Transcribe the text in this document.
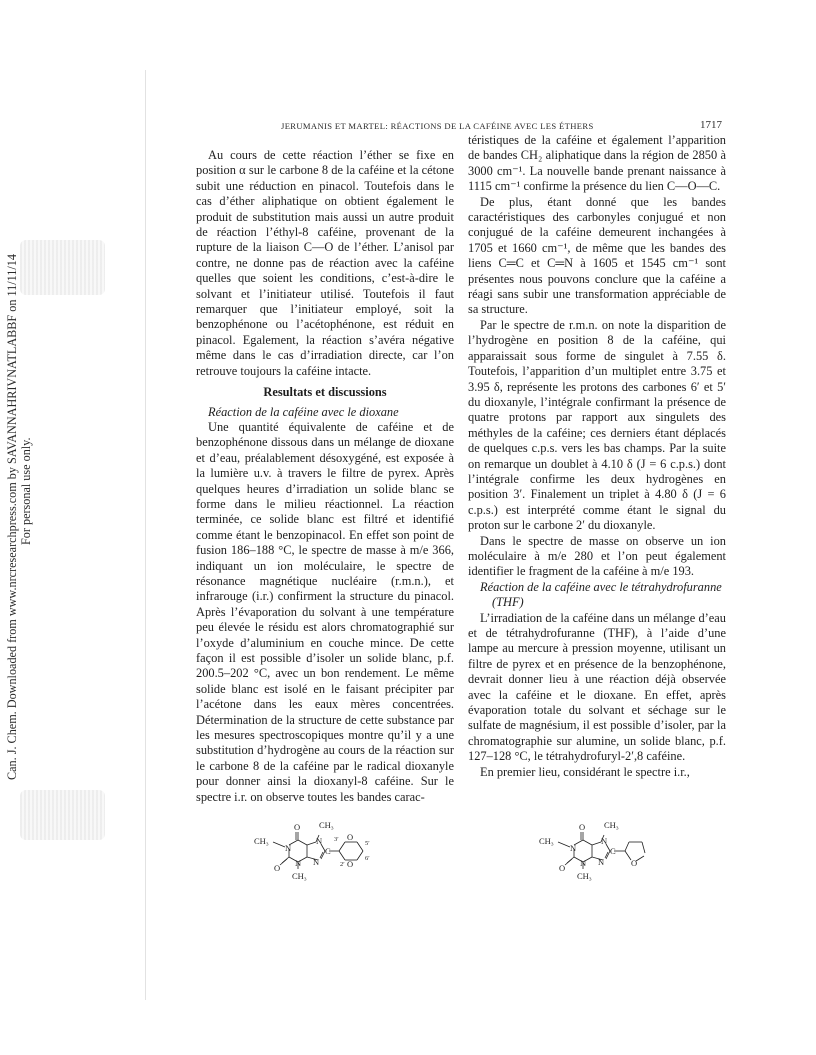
Can. J. Chem. Downloaded from www.nrcresearchpress.com by SAVANNAHRIVNATLABBF on 11/11/14 For personal use only.
JERUMANIS ET MARTEL: RÉACTIONS DE LA CAFÉINE AVEC LES ÉTHERS	1717

Au cours de cette réaction l’éther se fixe en position α sur le carbone 8 de la caféine et la cétone subit une réduction en pinacol. Toutefois dans le cas d’éther aliphatique on obtient également le produit de substitution mais aussi un autre produit de réaction l’éthyl-8 caféine, provenant de la rupture de la liaison C—O de l’éther. L’anisol par contre, ne donne pas de réaction avec la caféine quelles que soient les conditions, c’est-à-dire le solvant et l’initiateur utilisé. Toutefois il faut remarquer que l’initiateur employé, soit la benzophénone ou l’acétophénone, est réduit en pinacol. Egalement, la réaction s’avéra négative même dans le cas d’irradiation directe, car l’on retrouve toujours la caféine intacte.

Resultats et discussions

Réaction de la caféine avec le dioxane

Une quantité équivalente de caféine et de benzophénone dissous dans un mélange de dioxane et d’eau, préalablement désoxygéné, est exposée à la lumière u.v. à travers le filtre de pyrex. Après quelques heures d’irradiation un solide blanc se forme dans le milieu réactionnel. La réaction terminée, ce solide blanc est filtré et identifié comme étant le benzopinacol. En effet son point de fusion 186–188 °C, le spectre de masse à m/e 366, indiquant un ion moléculaire, le spectre de résonance magnétique nucléaire (r.m.n.), et infrarouge (i.r.) confirment la structure du pinacol. Après l’évaporation du solvant à une température peu élevée le résidu est alors chromatographié sur l’oxyde d’aluminium en couche mince. De cette façon il est possible d’isoler un solide blanc, p.f. 200.5–202 °C, avec un bon rendement. Le même solide blanc est isolé en le faisant précipiter par l’acétone dans les eaux mères concentrées. Détermination de la structure de cette substance par les mesures spectroscopiques montre qu’il y a une substitution d’hydrogène au cours de la réaction sur le carbone 8 de la caféine par le radical dioxanyle pour donner ainsi la dioxanyl-8 caféine. Sur le spectre i.r. on observe toutes les bandes carac-

téristiques de la caféine et également l’apparition de bandes CH₂ aliphatique dans la région de 2850 à 3000 cm⁻¹. La nouvelle bande prenant naissance à 1115 cm⁻¹ confirme la présence du lien C—O—C.

De plus, étant donné que les bandes caractéristiques des carbonyles conjugué et non conjugué de la caféine demeurent inchangées à 1705 et 1660 cm⁻¹, de même que les bandes des liens C═C et C═N à 1605 et 1545 cm⁻¹ sont présentes nous pouvons conclure que la caféine a réagi sans subir une transformation appréciable de sa structure.

Par le spectre de r.m.n. on note la disparition de l’hydrogène en position 8 de la caféine, qui apparaissait sous forme de singulet à 7.55 δ. Toutefois, l’apparition d’un multiplet entre 3.75 et 3.95 δ, représente les protons des carbones 6′ et 5′ du dioxanyle, l’intégrale confirmant la présence de quatre protons par rapport aux singulets des méthyles de la caféine; ces derniers étant déplacés de quelques c.p.s. vers les bas champs. Par la suite on remarque un doublet à 4.10 δ (J = 6 c.p.s.) dont l’intégrale confirme les deux hydrogènes en position 3′. Finalement un triplet à 4.80 δ (J = 6 c.p.s.) est interprété comme étant le signal du proton sur le carbone 2′ du dioxanyle.

Dans le spectre de masse on observe un ion moléculaire à m/e 280 et l’on peut également identifier le fragment de la caféine à m/e 193.

Réaction de la caféine avec le tétrahydrofuranne
(THF)

L’irradiation de la caféine dans un mélange d’eau et de tétrahydrofuranne (THF), à l’aide d’une lampe au mercure à pression moyenne, utilisant un filtre de pyrex et en présence de la benzophénone, devrait donner lieu à une réaction déjà observée avec la caféine et le dioxane. En effet, après évaporation totale du solvant et séchage sur le sulfate de magnésium, il est possible d’isoler, par la chromatographie sur alumine, un solide blanc, p.f. 127–128 °C, le tétrahydrofuryl-2′,8 caféine.

En premier lieu, considérant le spectre i.r.,

CH₃
CH₃
CH₃
O
O
N
N
N
N
C
3′
2′
O
O
5′
6′
CH₃
CH₃
CH₃
O
O
N
N
N
N
C
O
